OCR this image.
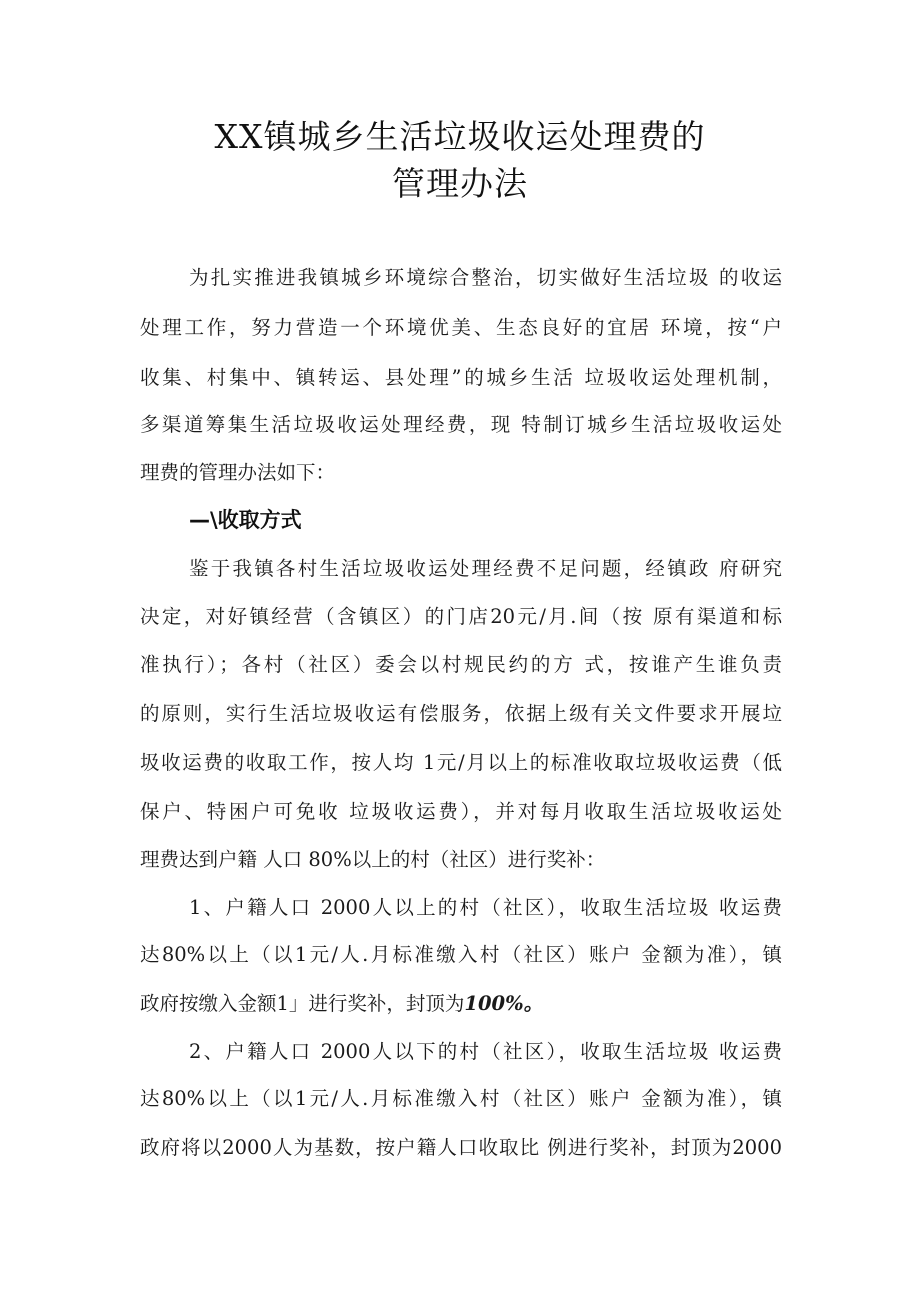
XX镇城乡生活垃圾收运处理费的
管理办法
为扎实推进我镇城乡环境综合整治，切实做好生活垃圾 的收运
处理工作，努力营造一个环境优美、生态良好的宜居 环境，按“户
收集、村集中、镇转运、县处理”的城乡生活 垃圾收运处理机制，
多渠道筹集生活垃圾收运处理经费，现 特制订城乡生活垃圾收运处
理费的管理办法如下：
—\收取方式
鉴于我镇各村生活垃圾收运处理经费不足问题，经镇政 府研究
决定，对好镇经营（含镇区）的门店20元/月.间（按 原有渠道和标
准执行）；各村（社区）委会以村规民约的方 式，按谁产生谁负责
的原则，实行生活垃圾收运有偿服务，依据上级有关文件要求开展垃
圾收运费的收取工作，按人均 1元/月以上的标准收取垃圾收运费（低
保户、特困户可免收 垃圾收运费），并对每月收取生活垃圾收运处
理费达到户籍 人口 80%以上的村（社区）进行奖补：
1、户籍人口 2000人以上的村（社区），收取生活垃圾 收运费
达80%以上（以1元/人.月标准缴入村（社区）账户 金额为准），镇
政府按缴入金额1」进行奖补，封顶为100%。
2、户籍人口 2000人以下的村（社区），收取生活垃圾 收运费
达80%以上（以1元/人.月标准缴入村（社区）账户 金额为准），镇
政府将以2000人为基数，按户籍人口收取比 例进行奖补，封顶为2000
